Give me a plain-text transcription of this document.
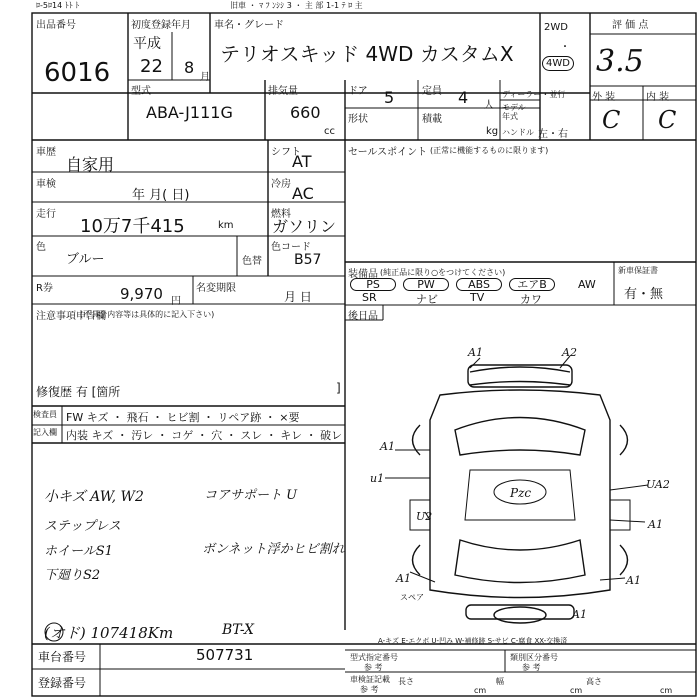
ﾛ-5ﾛ14 ﾄﾄ ﾄ	旧車 ・ ﾏ ﾌ ﾝｼｼ 3 ・ 主 部 1-1 ﾃ ﾛ 主
出品番号
6016
初度登録年月
平成
22 8
月
車名・グレード
テリオスキッド 4WD カスタムX
2WD
・
4WD
評 価 点
3.5
型式
ABA-J111G
排気量
660
cc
ドア 5	定員 4 人
ディーラー・並行
モデル
年式
ハンドル 左・右
形状	積載
kg
外 装
C
内 装
C
車歴
自家用
シフト
AT
車検
年 月( 日)
冷房 AC
走行
10万7千415	km
燃料
ガソリン
色
ブルー	色替
色コード
B57
R券	9,970 円
名変期限
月 日
注意事項申告欄
(不具合内容等は具体的に記入下さい)
修復歴 有 [箇所	]
セールスポイント (正常に機能するものに限ります)
装備品 (純正品に限り○をつけてください)
PS	PW	ABS	エアB	AW
SR	ナビ	TV	カワ
新車保証書
有・無
後日品
検査員
記入欄
FW キズ ・ 飛石 ・ ヒビ割 ・ リペア跡 ・ ×要
内装 キズ ・ 汚レ ・ コゲ ・ 穴 ・ スレ ・ キレ ・ 破レ
小キズ AW, W2	コアサポート U
ステップレス
ホイールS1	ボンネット浮かヒビ割れ
下廻りS2
(オド) 107418Km	BT-X
A1	A2
A1
u1
U2
UA2
A1
A1
A1
A1
Pzc
スペア
A-キズ E-エクボ U-凹み W-補修跡 S-サビ C-腐食 XX-交換済
車台番号	507731
登録番号
型式指定番号
参 考
類別区分番号
参 考
車検証記載
参 考
長さ
cm
幅
cm
高さ
cm
